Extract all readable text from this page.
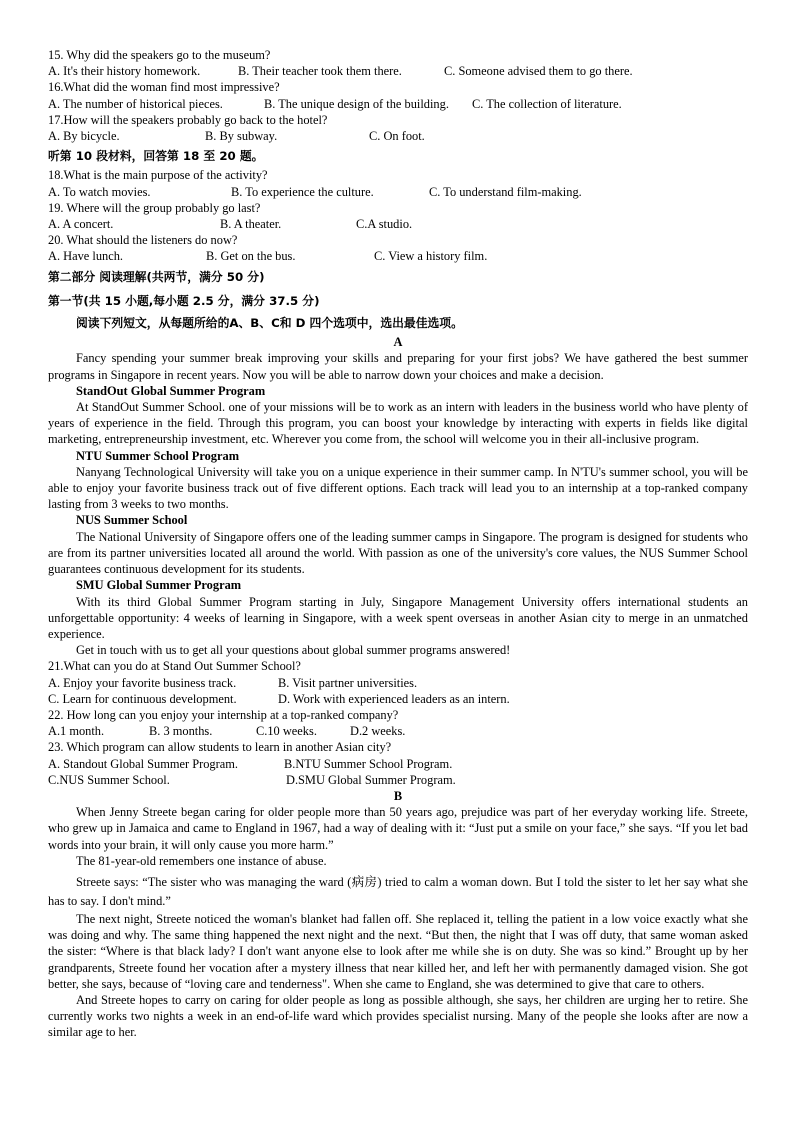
15. Why did the speakers go to the museum?
A. It's their history homework.	B. Their teacher took them there.	C. Someone advised them to go there.
16.What did the woman find most impressive?
A. The number of historical pieces.	B. The unique design of the building.	C. The collection of literature.
17.How will the speakers probably go back to the hotel?
A. By bicycle.	B. By subway.	C. On foot.
听第 10 段材料，回答第 18 至 20 题。
18.What is the main purpose of the activity?
A. To watch movies.	B. To experience the culture.	C. To understand film-making.
19. Where will the group probably go last?
A. A concert.	B. A theater.	C.A studio.
20. What should the listeners do now?
A. Have lunch.	B. Get on the bus.	C. View a history film.
第二部分 阅读理解(共两节，满分 50 分)
第一节(共 15 小题,每小题 2.5 分，满分 37.5 分)
阅读下列短文，从每题所给的A、B、C和 D 四个选项中，选出最佳选项。
A
Fancy spending your summer break improving your skills and preparing for your first jobs? We have gathered the best summer programs in Singapore in recent years. Now you will be able to narrow down your choices and make a decision.
StandOut Global Summer Program
At StandOut Summer School. one of your missions will be to work as an intern with leaders in the business world who have plenty of years of experience in the field. Through this program, you can boost your knowledge by interacting with experts in fields like digital marketing, entrepreneurship investment, etc. Wherever you come from, the school will welcome you in their all-inclusive program.
NTU Summer School Program
Nanyang Technological University will take you on a unique experience in their summer camp. In N'TU's summer school, you will be able to enjoy your favorite business track out of five different options. Each track will lead you to an internship at a top-ranked company lasting from 3 weeks to two months.
NUS Summer School
The National University of Singapore offers one of the leading summer camps in Singapore. The program is designed for students who are from its partner universities located all around the world. With passion as one of the university's core values, the NUS Summer School guarantees continuous development for its students.
SMU Global Summer Program
With its third Global Summer Program starting in July, Singapore Management University offers international students an unforgettable opportunity: 4 weeks of learning in Singapore, with a week spent overseas in another Asian city to merge in an unmatched experience.
Get in touch with us to get all your questions about global summer programs answered!
21.What can you do at Stand Out Summer School?
A. Enjoy your favorite business track.	B. Visit partner universities.
C. Learn for continuous development.	D. Work with experienced leaders as an intern.
22. How long can you enjoy your internship at a top-ranked company?
A.1 month.	B. 3 months.	C.10 weeks.	D.2 weeks.
23. Which program can allow students to learn in another Asian city?
A. Standout Global Summer Program.	B.NTU Summer School Program.
C.NUS Summer School.	D.SMU Global Summer Program.
B
When Jenny Streete began caring for older people more than 50 years ago, prejudice was part of her everyday working life. Streete, who grew up in Jamaica and came to England in 1967, had a way of dealing with it: “Just put a smile on your face,” she says. “If you let bad words into your brain, it will only cause you more harm.”
The 81-year-old remembers one instance of abuse.
Streete says: “The sister who was managing the ward (病房) tried to calm a woman down. But I told the sister to let her say what she has to say. I don't mind.”
The next night, Streete noticed the woman's blanket had fallen off. She replaced it, telling the patient in a low voice exactly what she was doing and why. The same thing happened the next night and the next. “But then, the night that I was off duty, that same woman asked the sister: “Where is that black lady? I don't want anyone else to look after me while she is on duty. She was so kind.” Brought up by her grandparents, Streete found her vocation after a mystery illness that near killed her, and left her with permanently damaged vision. She got better, she says, because of “loving care and tenderness". When she came to England, she was determined to give that care to others.
And Streete hopes to carry on caring for older people as long as possible although, she says, her children are urging her to retire. She currently works two nights a week in an end-of-life ward which provides specialist nursing. Many of the people she looks after are now a similar age to her.
